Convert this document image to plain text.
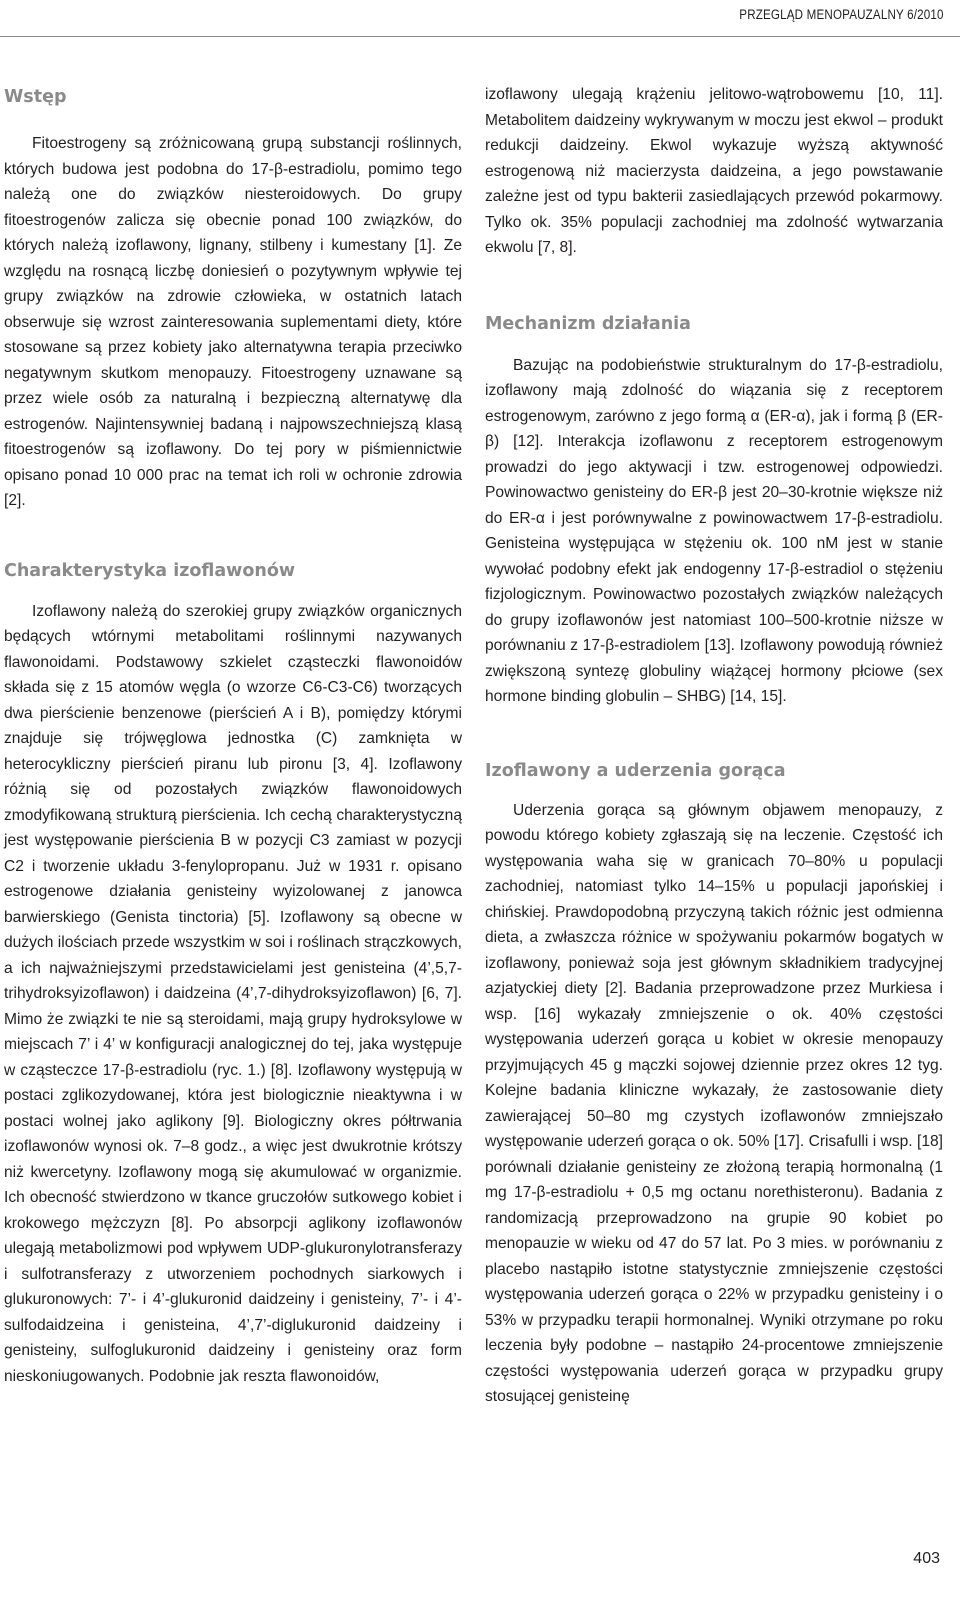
PRZEGLĄD MENOPAUZALNY 6/2010
Wstęp

Fitoestrogeny są zróżnicowaną grupą substancji roślinnych, których budowa jest podobna do 17-β-estradiolu, pomimo tego należą one do związków niesteroidowych. Do grupy fitoestrogenów zalicza się obecnie ponad 100 związków, do których należą izoflawony, lignany, stilbeny i kumestany [1]. Ze względu na rosnącą liczbę doniesień o pozytywnym wpływie tej grupy związków na zdrowie człowieka, w ostatnich latach obserwuje się wzrost zainteresowania suplementami diety, które stosowane są przez kobiety jako alternatywna terapia przeciwko negatywnym skutkom menopauzy. Fitoestrogeny uznawane są przez wiele osób za naturalną i bezpieczną alternatywę dla estrogenów. Najintensywniej badaną i najpowszechniejszą klasą fitoestrogenów są izoflawony. Do tej pory w piśmiennictwie opisano ponad 10 000 prac na temat ich roli w ochronie zdrowia [2].

Charakterystyka izoflawonów

Izoflawony należą do szerokiej grupy związków organicznych będących wtórnymi metabolitami roślinnymi nazywanych flawonoidami. Podstawowy szkielet cząsteczki flawonoidów składa się z 15 atomów węgla (o wzorze C6-C3-C6) tworzących dwa pierścienie benzenowe (pierścień A i B), pomiędzy którymi znajduje się trójwęglowa jednostka (C) zamknięta w heterocykliczny pierścień piranu lub pironu [3, 4]. Izoflawony różnią się od pozostałych związków flawonoidowych zmodyfikowaną strukturą pierścienia. Ich cechą charakterystyczną jest występowanie pierścienia B w pozycji C3 zamiast w pozycji C2 i tworzenie układu 3-fenylopropanu. Już w 1931 r. opisano estrogenowe działania genisteiny wyizolowanej z janowca barwierskiego (Genista tinctoria) [5]. Izoflawony są obecne w dużych ilościach przede wszystkim w soi i roślinach strączkowych, a ich najważniejszymi przedstawicielami jest genisteina (4’,5,7-trihydroksyizoflawon) i daidzeina (4’,7-dihydroksyizoflawon) [6, 7]. Mimo że związki te nie są steroidami, mają grupy hydroksylowe w miejscach 7’ i 4’ w konfiguracji analogicznej do tej, jaka występuje w cząsteczce 17-β-estradiolu (ryc. 1.) [8]. Izoflawony występują w postaci zglikozydowanej, która jest biologicznie nieaktywna i w postaci wolnej jako aglikony [9]. Biologiczny okres półtrwania izoflawonów wynosi ok. 7–8 godz., a więc jest dwukrotnie krótszy niż kwercetyny. Izoflawony mogą się akumulować w organizmie. Ich obecność stwierdzono w tkance gruczołów sutkowego kobiet i krokowego mężczyzn [8]. Po absorpcji aglikony izoflawonów ulegają metabolizmowi pod wpływem UDP-glukuronylotransferazy i sulfotransferazy z utworzeniem pochodnych siarkowych i glukuronowych: 7’- i 4’-glukuronid daidzeiny i genisteiny, 7’- i 4’-sulfodaidzeina i genisteina, 4’,7’-diglukuronid daidzeiny i genisteiny, sulfoglukuronid daidzeiny i genisteiny oraz form nieskoniugowanych. Podobnie jak reszta flawonoidów,

izoflawony ulegają krążeniu jelitowo-wątrobowemu [10, 11]. Metabolitem daidzeiny wykrywanym w moczu jest ekwol – produkt redukcji daidzeiny. Ekwol wykazuje wyższą aktywność estrogenową niż macierzysta daidzeina, a jego powstawanie zależne jest od typu bakterii zasiedlających przewód pokarmowy. Tylko ok. 35% populacji zachodniej ma zdolność wytwarzania ekwolu [7, 8].

Mechanizm działania

Bazując na podobieństwie strukturalnym do 17-β-estradiolu, izoflawony mają zdolność do wiązania się z receptorem estrogenowym, zarówno z jego formą α (ER-α), jak i formą β (ER-β) [12]. Interakcja izoflawonu z receptorem estrogenowym prowadzi do jego aktywacji i tzw. estrogenowej odpowiedzi. Powinowactwo genisteiny do ER-β jest 20–30-krotnie większe niż do ER-α i jest porównywalne z powinowactwem 17-β-estradiolu. Genisteina występująca w stężeniu ok. 100 nM jest w stanie wywołać podobny efekt jak endogenny 17-β-estradiol o stężeniu fizjologicznym. Powinowactwo pozostałych związków należących do grupy izoflawonów jest natomiast 100–500-krotnie niższe w porównaniu z 17-β-estradiolem [13]. Izoflawony powodują również zwiększoną syntezę globuliny wiążącej hormony płciowe (sex hormone binding globulin – SHBG) [14, 15].

Izoflawony a uderzenia gorąca

Uderzenia gorąca są głównym objawem menopauzy, z powodu którego kobiety zgłaszają się na leczenie. Częstość ich występowania waha się w granicach 70–80% u populacji zachodniej, natomiast tylko 14–15% u populacji japońskiej i chińskiej. Prawdopodobną przyczyną takich różnic jest odmienna dieta, a zwłaszcza różnice w spożywaniu pokarmów bogatych w izoflawony, ponieważ soja jest głównym składnikiem tradycyjnej azjatyckiej diety [2]. Badania przeprowadzone przez Murkiesa i wsp. [16] wykazały zmniejszenie o ok. 40% częstości występowania uderzeń gorąca u kobiet w okresie menopauzy przyjmujących 45 g mączki sojowej dziennie przez okres 12 tyg. Kolejne badania kliniczne wykazały, że zastosowanie diety zawierającej 50–80 mg czystych izoflawonów zmniejszało występowanie uderzeń gorąca o ok. 50% [17]. Crisafulli i wsp. [18] porównali działanie genisteiny ze złożoną terapią hormonalną (1 mg 17-β-estradiolu + 0,5 mg octanu norethisteronu). Badania z randomizacją przeprowadzono na grupie 90 kobiet po menopauzie w wieku od 47 do 57 lat. Po 3 mies. w porównaniu z placebo nastąpiło istotne statystycznie zmniejszenie częstości występowania uderzeń gorąca o 22% w przypadku genisteiny i o 53% w przypadku terapii hormonalnej. Wyniki otrzymane po roku leczenia były podobne – nastąpiło 24-procentowe zmniejszenie częstości występowania uderzeń gorąca w przypadku grupy stosującej genisteinę

403
